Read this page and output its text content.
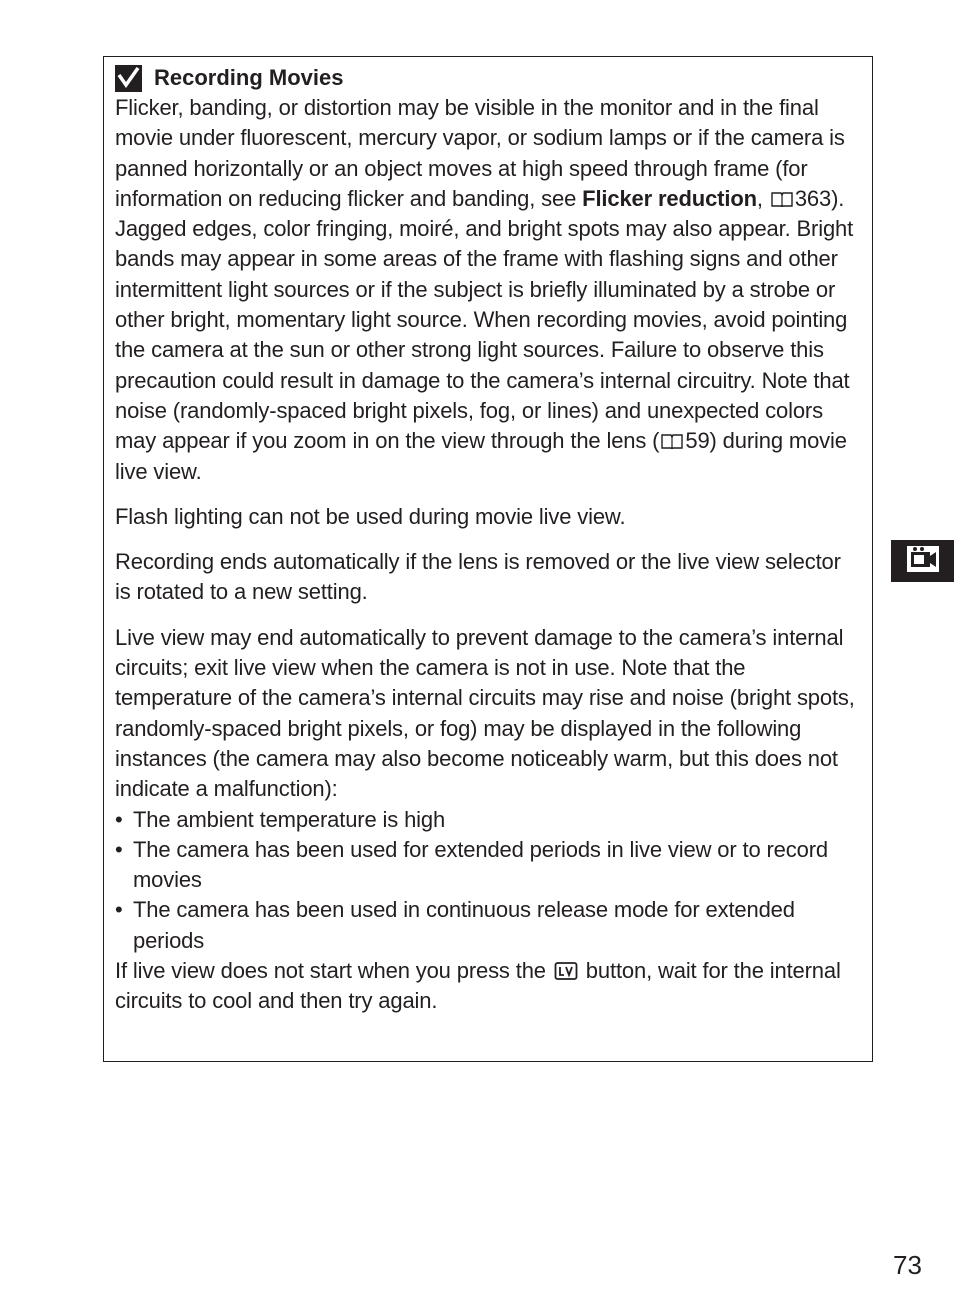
Recording Movies

Flicker, banding, or distortion may be visible in the monitor and in the final movie under fluorescent, mercury vapor, or sodium lamps or if the camera is panned horizontally or an object moves at high speed through frame (for information on reducing flicker and banding, see Flicker reduction, 363). Jagged edges, color fringing, moiré, and bright spots may also appear. Bright bands may appear in some areas of the frame with flashing signs and other intermittent light sources or if the subject is briefly illuminated by a strobe or other bright, momentary light source. When recording movies, avoid pointing the camera at the sun or other strong light sources. Failure to observe this precaution could result in damage to the camera’s internal circuitry. Note that noise (randomly-spaced bright pixels, fog, or lines) and unexpected colors may appear if you zoom in on the view through the lens ( 59) during movie live view.

Flash lighting can not be used during movie live view.

Recording ends automatically if the lens is removed or the live view selector is rotated to a new setting.

Live view may end automatically to prevent damage to the camera’s internal circuits; exit live view when the camera is not in use. Note that the temperature of the camera’s internal circuits may rise and noise (bright spots, randomly-spaced bright pixels, or fog) may be displayed in the following instances (the camera may also become noticeably warm, but this does not indicate a malfunction):

• The ambient temperature is high
• The camera has been used for extended periods in live view or to record movies
• The camera has been used in continuous release mode for extended periods

If live view does not start when you press the  button, wait for the internal circuits to cool and then try again.

73
